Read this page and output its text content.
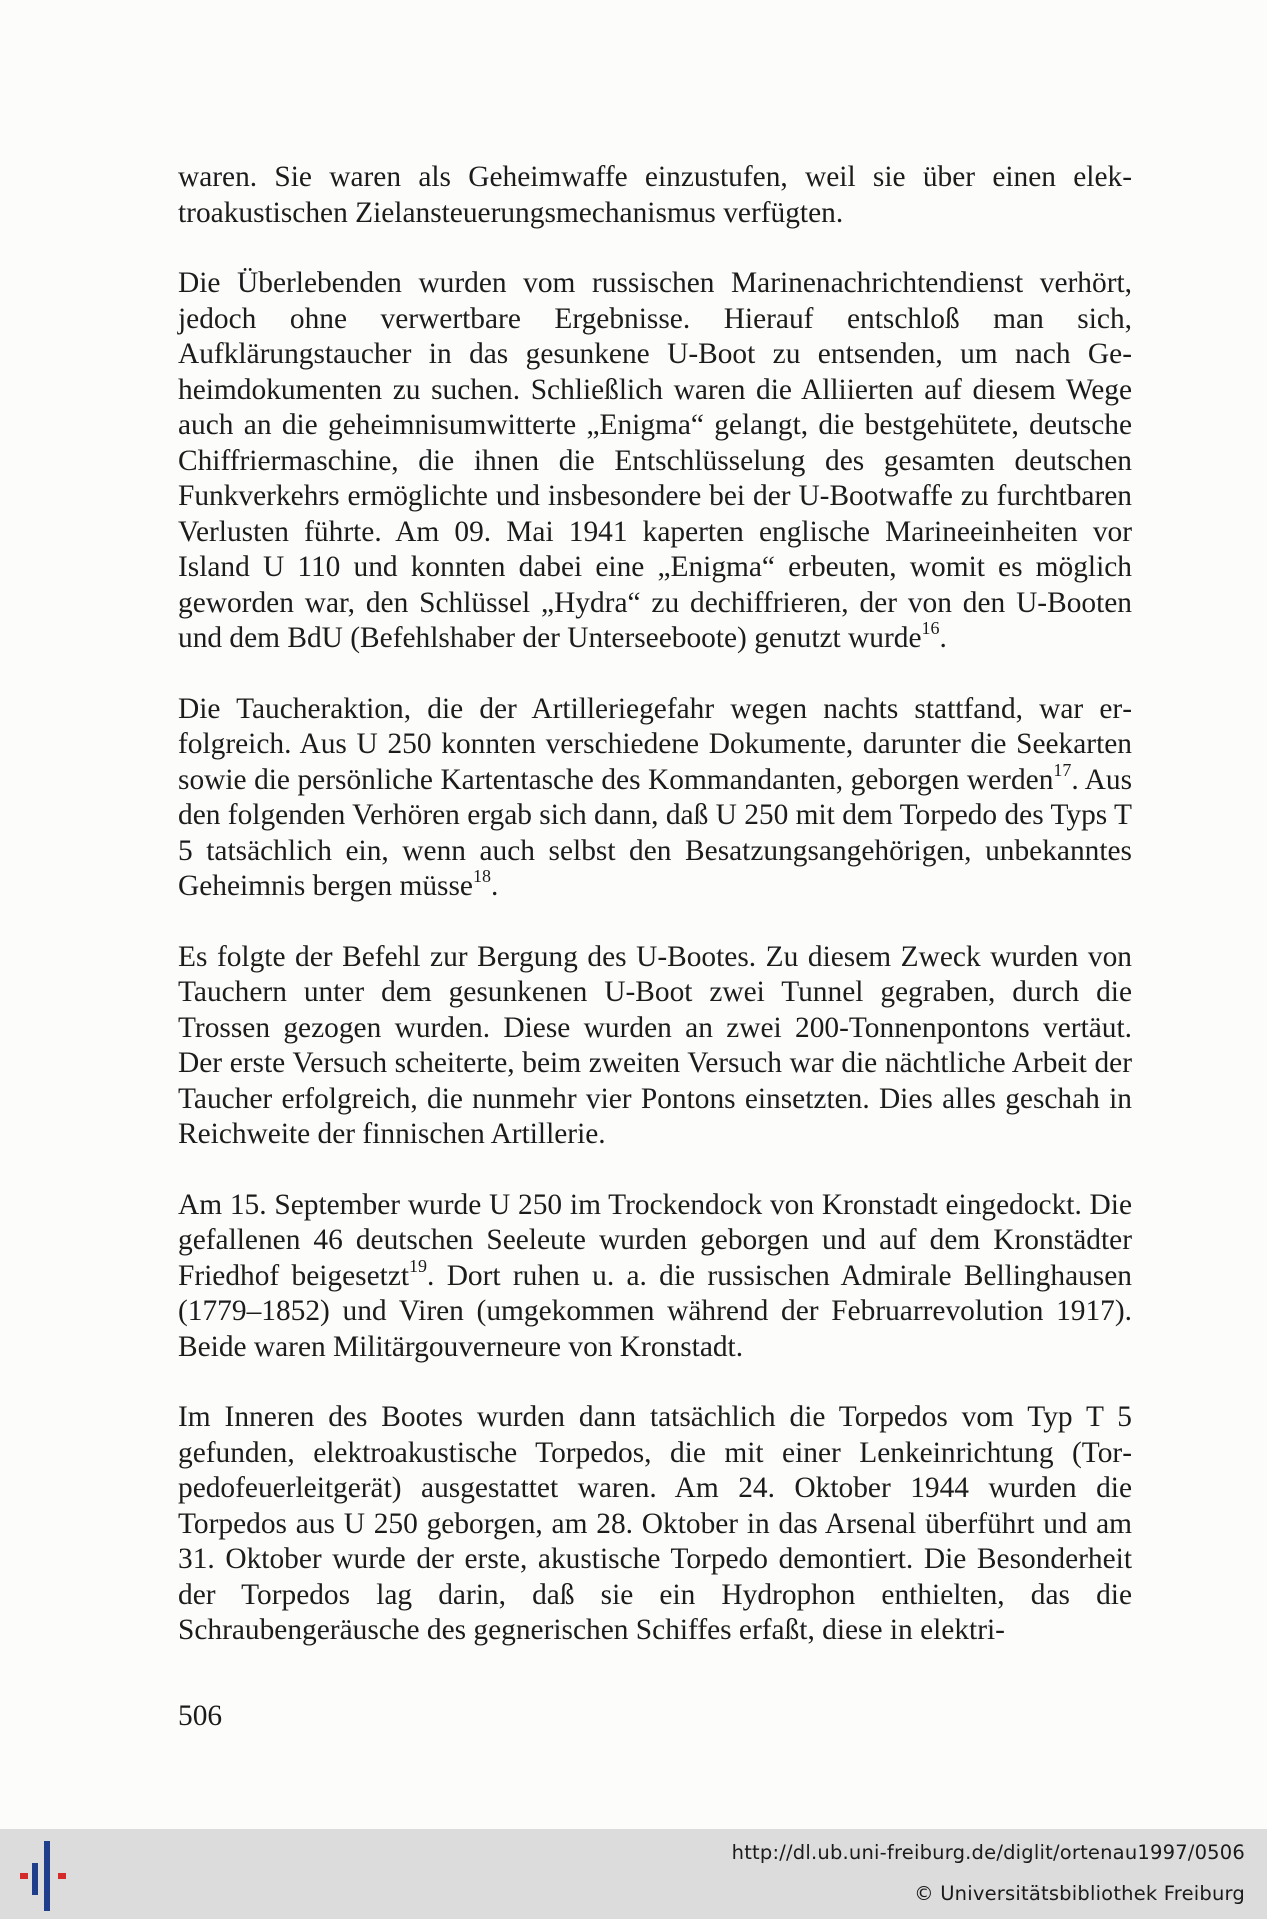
waren. Sie waren als Geheimwaffe einzustufen, weil sie über einen elektroakustischen Zielansteuerungsmechanismus verfügten.

Die Überlebenden wurden vom russischen Marinenachrichtendienst verhört, jedoch ohne verwertbare Ergebnisse. Hierauf entschloß man sich, Aufklärungstaucher in das gesunkene U-Boot zu entsenden, um nach Geheimdokumenten zu suchen. Schließlich waren die Alliierten auf diesem Wege auch an die geheimnisumwitterte „Enigma“ gelangt, die bestgehütete, deutsche Chiffriermaschine, die ihnen die Entschlüsselung des gesamten deutschen Funkverkehrs ermöglichte und insbesondere bei der U-Bootwaffe zu furchtbaren Verlusten führte. Am 09. Mai 1941 kaperten englische Marineeinheiten vor Island U 110 und konnten dabei eine „Enigma“ erbeuten, womit es möglich geworden war, den Schlüssel „Hydra“ zu dechiffrieren, der von den U-Booten und dem BdU (Befehlshaber der Unterseeboote) genutzt wurde$^{16}$.

Die Taucheraktion, die der Artilleriegefahr wegen nachts stattfand, war erfolgreich. Aus U 250 konnten verschiedene Dokumente, darunter die Seekarten sowie die persönliche Kartentasche des Kommandanten, geborgen werden$^{17}$. Aus den folgenden Verhören ergab sich dann, daß U 250 mit dem Torpedo des Typs T 5 tatsächlich ein, wenn auch selbst den Besatzungsangehörigen, unbekanntes Geheimnis bergen müsse$^{18}$.

Es folgte der Befehl zur Bergung des U-Bootes. Zu diesem Zweck wurden von Tauchern unter dem gesunkenen U-Boot zwei Tunnel gegraben, durch die Trossen gezogen wurden. Diese wurden an zwei 200-Tonnenpontons vertäut. Der erste Versuch scheiterte, beim zweiten Versuch war die nächtliche Arbeit der Taucher erfolgreich, die nunmehr vier Pontons einsetzten. Dies alles geschah in Reichweite der finnischen Artillerie.

Am 15. September wurde U 250 im Trockendock von Kronstadt eingedockt. Die gefallenen 46 deutschen Seeleute wurden geborgen und auf dem Kronstädter Friedhof beigesetzt$^{19}$. Dort ruhen u. a. die russischen Admirale Bellinghausen (1779–1852) und Viren (umgekommen während der Februarrevolution 1917). Beide waren Militärgouverneure von Kronstadt.

Im Inneren des Bootes wurden dann tatsächlich die Torpedos vom Typ T 5 gefunden, elektroakustische Torpedos, die mit einer Lenkeinrichtung (Torpedofeuerleitgerät) ausgestattet waren. Am 24. Oktober 1944 wurden die Torpedos aus U 250 geborgen, am 28. Oktober in das Arsenal überführt und am 31. Oktober wurde der erste, akustische Torpedo demontiert. Die Besonderheit der Torpedos lag darin, daß sie ein Hydrophon enthielten, das die Schraubengeräusche des gegnerischen Schiffes erfaßt, diese in elektri-

506
http://dl.ub.uni-freiburg.de/diglit/ortenau1997/0506
© Universitätsbibliothek Freiburg
